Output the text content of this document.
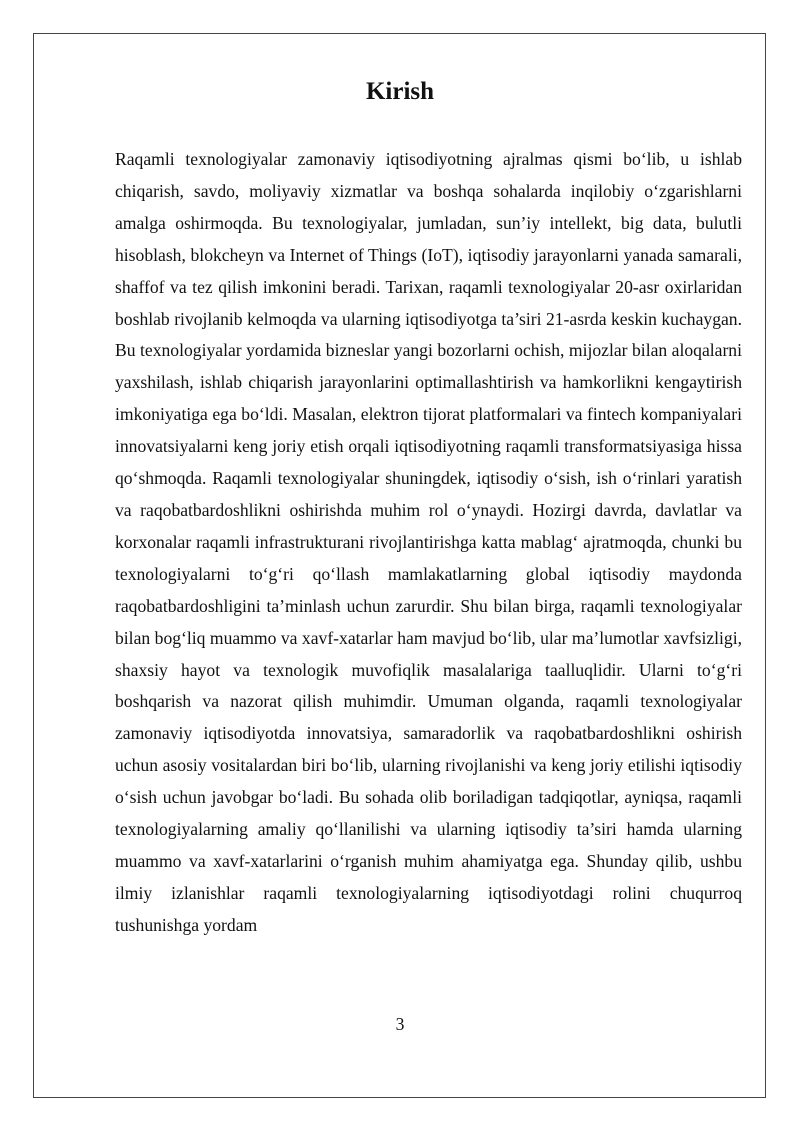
Kirish

Raqamli texnologiyalar zamonaviy iqtisodiyotning ajralmas qismi bo‘lib, u ishlab chiqarish, savdo, moliyaviy xizmatlar va boshqa sohalarda inqilobiy o‘zgarishlarni amalga oshirmoqda. Bu texnologiyalar, jumladan, sun’iy intellekt, big data, bulutli hisoblash, blokcheyn va Internet of Things (IoT), iqtisodiy jarayonlarni yanada samarali, shaffof va tez qilish imkonini beradi. Tarixan, raqamli texnologiyalar 20-asr oxirlaridan boshlab rivojlanib kelmoqda va ularning iqtisodiyotga ta’siri 21-asrda keskin kuchaygan. Bu texnologiyalar yordamida bizneslar yangi bozorlarni ochish, mijozlar bilan aloqalarni yaxshilash, ishlab chiqarish jarayonlarini optimallashtirish va hamkorlikni kengaytirish imkoniyatiga ega bo‘ldi. Masalan, elektron tijorat platformalari va fintech kompaniyalari innovatsiyalarni keng joriy etish orqali iqtisodiyotning raqamli transformatsiyasiga hissa qo‘shmoqda. Raqamli texnologiyalar shuningdek, iqtisodiy o‘sish, ish o‘rinlari yaratish va raqobatbardoshlikni oshirishda muhim rol o‘ynaydi. Hozirgi davrda, davlatlar va korxonalar raqamli infrastrukturani rivojlantirishga katta mablag‘ ajratmoqda, chunki bu texnologiyalarni to‘g‘ri qo‘llash mamlakatlarning global iqtisodiy maydonda raqobatbardoshligini ta’minlash uchun zarurdir. Shu bilan birga, raqamli texnologiyalar bilan bog‘liq muammo va xavf-xatarlar ham mavjud bo‘lib, ular ma’lumotlar xavfsizligi, shaxsiy hayot va texnologik muvofiqlik masalalariga taalluqlidir. Ularni to‘g‘ri boshqarish va nazorat qilish muhimdir. Umuman olganda, raqamli texnologiyalar zamonaviy iqtisodiyotda innovatsiya, samaradorlik va raqobatbardoshlikni oshirish uchun asosiy vositalardan biri bo‘lib, ularning rivojlanishi va keng joriy etilishi iqtisodiy o‘sish uchun javobgar bo‘ladi. Bu sohada olib boriladigan tadqiqotlar, ayniqsa, raqamli texnologiyalarning amaliy qo‘llanilishi va ularning iqtisodiy ta’siri hamda ularning muammo va xavf-xatarlarini o‘rganish muhim ahamiyatga ega. Shunday qilib, ushbu ilmiy izlanishlar raqamli texnologiyalarning iqtisodiyotdagi rolini chuqurroq tushunishga yordam

3
